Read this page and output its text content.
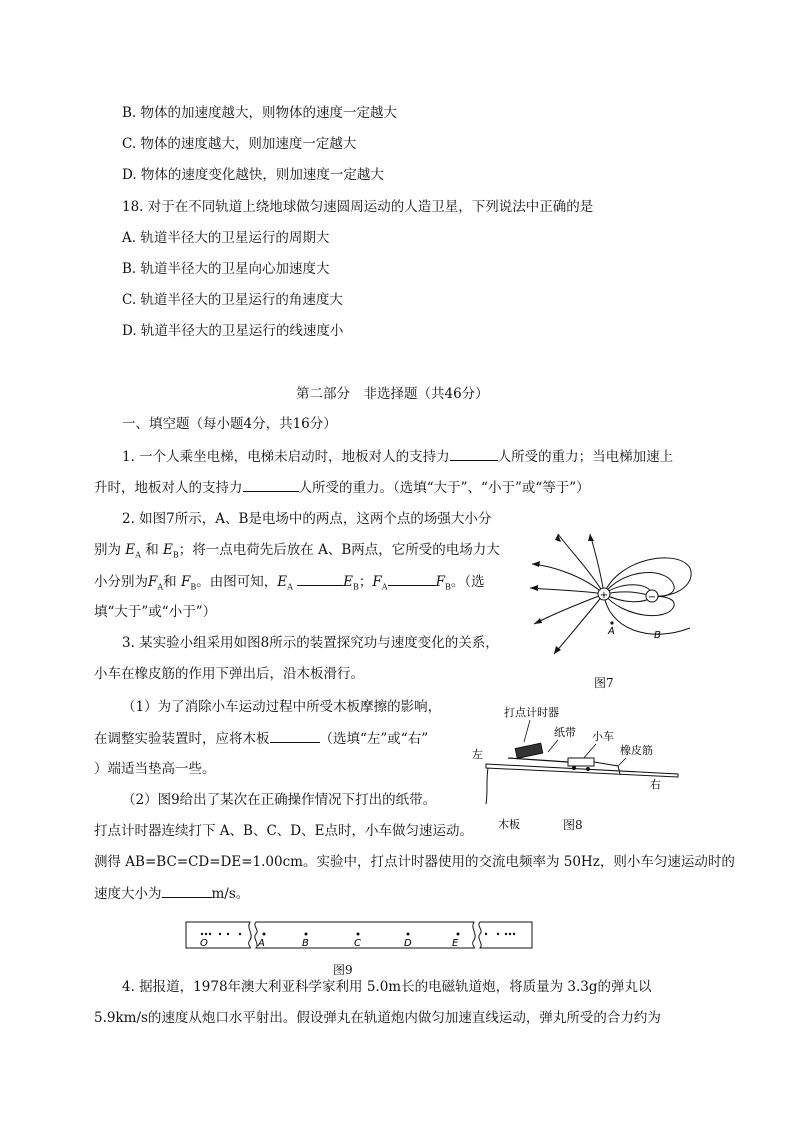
B. 物体的加速度越大，则物体的速度一定越大
C. 物体的速度越大，则加速度一定越大
D. 物体的速度变化越快，则加速度一定越大
18. 对于在不同轨道上绕地球做匀速圆周运动的人造卫星，下列说法中正确的是
A. 轨道半径大的卫星运行的周期大
B. 轨道半径大的卫星向心加速度大
C. 轨道半径大的卫星运行的角速度大
D. 轨道半径大的卫星运行的线速度小
第二部分　非选择题（共46分）
一、填空题（每小题4分，共16分）
1. 一个人乘坐电梯，电梯未启动时，地板对人的支持力	人所受的重力；当电梯加速上
升时，地板对人的支持力	人所受的重力。（选填“大于”、“小于”或“等于”）
2. 如图7所示，A、B是电场中的两点，这两个点的场强大小分
别为 $E_A$ 和 $E_B$；将一点电荷先后放在 A、B两点，它所受的电场力大
小分别为$F_A$和 $F_B$。由图可知，$E_A$	$E_B$；$F_A$	$F_B$。（选
填“大于”或“小于”）
+	−
A	B
图7
3. 某实验小组采用如图8所示的装置探究功与速度变化的关系，
小车在橡皮筋的作用下弹出后，沿木板滑行。
（1）为了消除小车运动过程中所受木板摩擦的影响，
在调整实验装置时，应将木板	（选填“左”或“右”
）端适当垫高一些。
（2）图9给出了某次在正确操作情况下打出的纸带。
打点计时器连续打下 A、B、C、D、E点时，小车做匀速运动。
测得 AB=BC=CD=DE=1.00cm。实验中，打点计时器使用的交流电频率为 50Hz，则小车匀速运动时的
速度大小为	m/s。
打点计时器
纸带 小车
橡皮筋
左
右
木板	图8
O	A	B	C	D	E
图9
4. 据报道，1978年澳大利亚科学家利用 5.0m长的电磁轨道炮，将质量为 3.3g的弹丸以
5.9km/s的速度从炮口水平射出。假设弹丸在轨道炮内做匀加速直线运动，弹丸所受的合力约为
